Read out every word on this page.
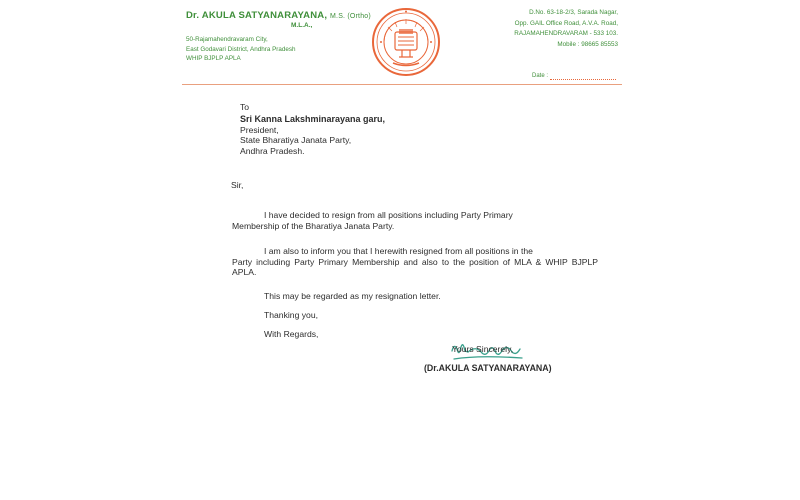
Dr. AKULA SATYANARAYANA, M.S. (Ortho)
M.L.A.,
50-Rajamahendravaram City,
East Godavari District, Andhra Pradesh
WHIP BJPLP APLA
D.No. 63-18-2/3, Sarada Nagar,
Opp. GAIL Office Road, A.V.A. Road,
RAJAMAHENDRAVARAM - 533 103.
Mobile : 98665 85553
Date :
To
Sri Kanna Lakshminarayana garu,
President,
State Bharatiya Janata Party,
Andhra Pradesh.
Sir,
I have decided to resign from all positions including Party Primary
Membership of the Bharatiya Janata Party.
I am also to inform you that I herewith resigned from all positions in the
Party including Party Primary Membership and also to the position of MLA & WHIP BJPLP APLA.
This may be regarded as my resignation letter.
Thanking you,
With Regards,
Yours Sincerely,
(Dr.AKULA SATYANARAYANA)
